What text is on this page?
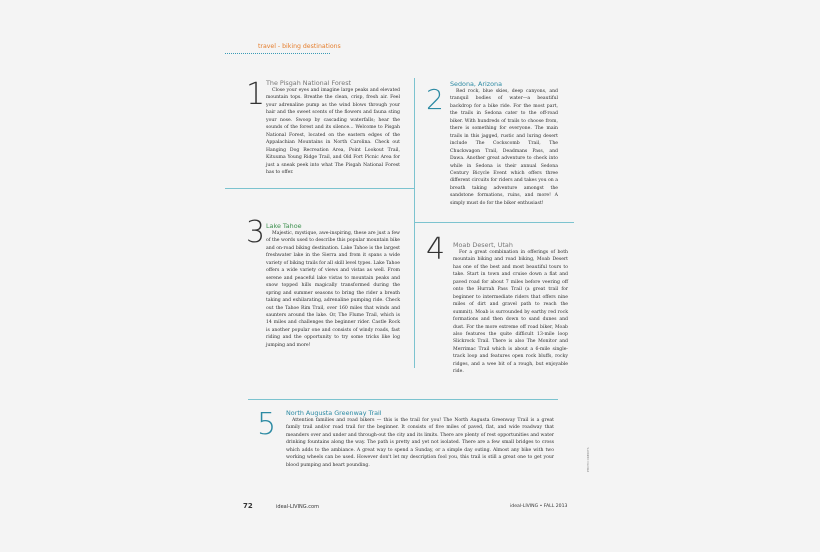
travel - biking destinations
1 The Pisgah National Forest

Close your eyes and imagine large peaks and elevated mountain tops. Breathe the clean, crisp, fresh air. Feel your adrenaline pump as the wind blows through your hair and the sweet scents of the flowers and fauna sting your nose. Swoop by cascading waterfalls; hear the sounds of the forest and its silence... Welcome to Pisgah National Forest, located on the eastern edges of the Appalachian Mountains in North Carolina. Check out Hanging Dog Recreation Area, Point Lookout Trail, Kituuma Young Ridge Trail, and Old Fort Picnic Area for just a sneak peek into what The Pisgah National Forest has to offer.

2 Sedona, Arizona

Red rock, blue skies, deep canyons, and tranquil bodies of water—a beautiful backdrop for a bike ride. For the most part, the trails in Sedona cater to the off-road biker. With hundreds of trails to choose from, there is something for everyone. The main trails in this jagged, rustic and luring desert include The Cockscomb Trail, The Chuckwagon Trail, Deadmans Pass, and Dawa. Another great adventure to check into while in Sedona is their annual Sedona Century Bicycle Event which offers three different circuits for riders and takes you on a breath taking adventure amongst the sandstone formations, ruins, and more! A simply must do for the biker enthusiast!

3 Lake Tahoe

Majestic, mystique, awe-inspiring, these are just a few of the words used to describe this popular mountain bike and on-road biking destination. Lake Tahoe is the largest freshwater lake in the Sierra and from it spans a wide variety of biking trails for all skill level types. Lake Tahoe offers a wide variety of views and vistas as well. From serene and peaceful lake vistas to mountain peaks and snow topped hills magically transformed during the spring and summer seasons to bring the rider a breath taking and exhilarating, adrenaline pumping ride. Check out the Tahoe Rim Trail, over 160 miles that winds and saunters around the lake. Or, The Flume Trail, which is 14 miles and challenges the beginner rider. Castle Rock is another popular one and consists of windy roads, fast riding and the opportunity to try some tricks like log jumping and more!

4 Moab Desert, Utah

For a great combination in offerings of both mountain biking and road biking, Moab Desert has one of the best and most beautiful tours to take. Start in town and cruise down a flat and paved road for about 7 miles before veering off onto the Hurrah Pass Trail (a great trail for beginner to intermediate riders that offers nine miles of dirt and gravel path to reach the summit). Moab is surrounded by earthy red rock formations and then down to sand dunes and dust. For the more extreme off road biker, Moab also features the quite difficult 13-mile loop Slickrock Trail. There is also The Monitor and Merrimac Trail which is about a 6-mile single-track loop and features open rock bluffs, rocky ridges, and a wee bit of a rough, but enjoyable ride.

5 North Augusta Greenway Trail

Attention families and road bikers — this is the trail for you! The North Augusta Greenway Trail is a great family trail and/or road trail for the beginner. It consists of five miles of paved, flat, and wide roadway that meanders over and under and through-out the city and its limits. There are plenty of rest opportunities and water drinking fountains along the way. The path is pretty and yet not isolated. There are a few small bridges to cross which adds to the ambiance. A great way to spend a Sunday, or a simple day outing. Almost any bike with two working wheels can be used. However don't let my description fool you, this trail is still a great one to get your blood pumping and heart pounding.	PHOTO CREDITS
72	ideal-LIVING.com	ideal-LIVING • FALL 2013
